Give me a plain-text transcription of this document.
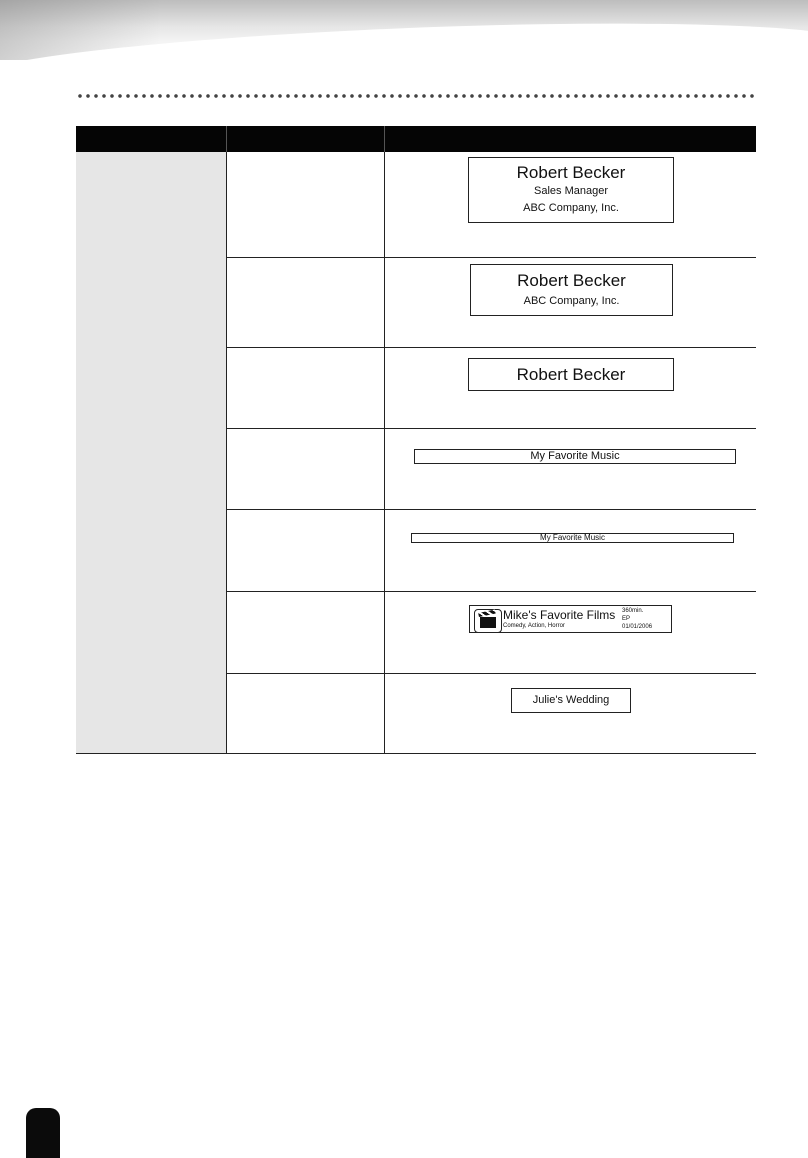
Robert Becker
Sales Manager
ABC Company, Inc.
Robert Becker
ABC Company, Inc.
Robert Becker
My Favorite Music
My Favorite Music
Mike's Favorite Films
Comedy, Action, Horror
360min.
EP
01/01/2006
Julie's Wedding
